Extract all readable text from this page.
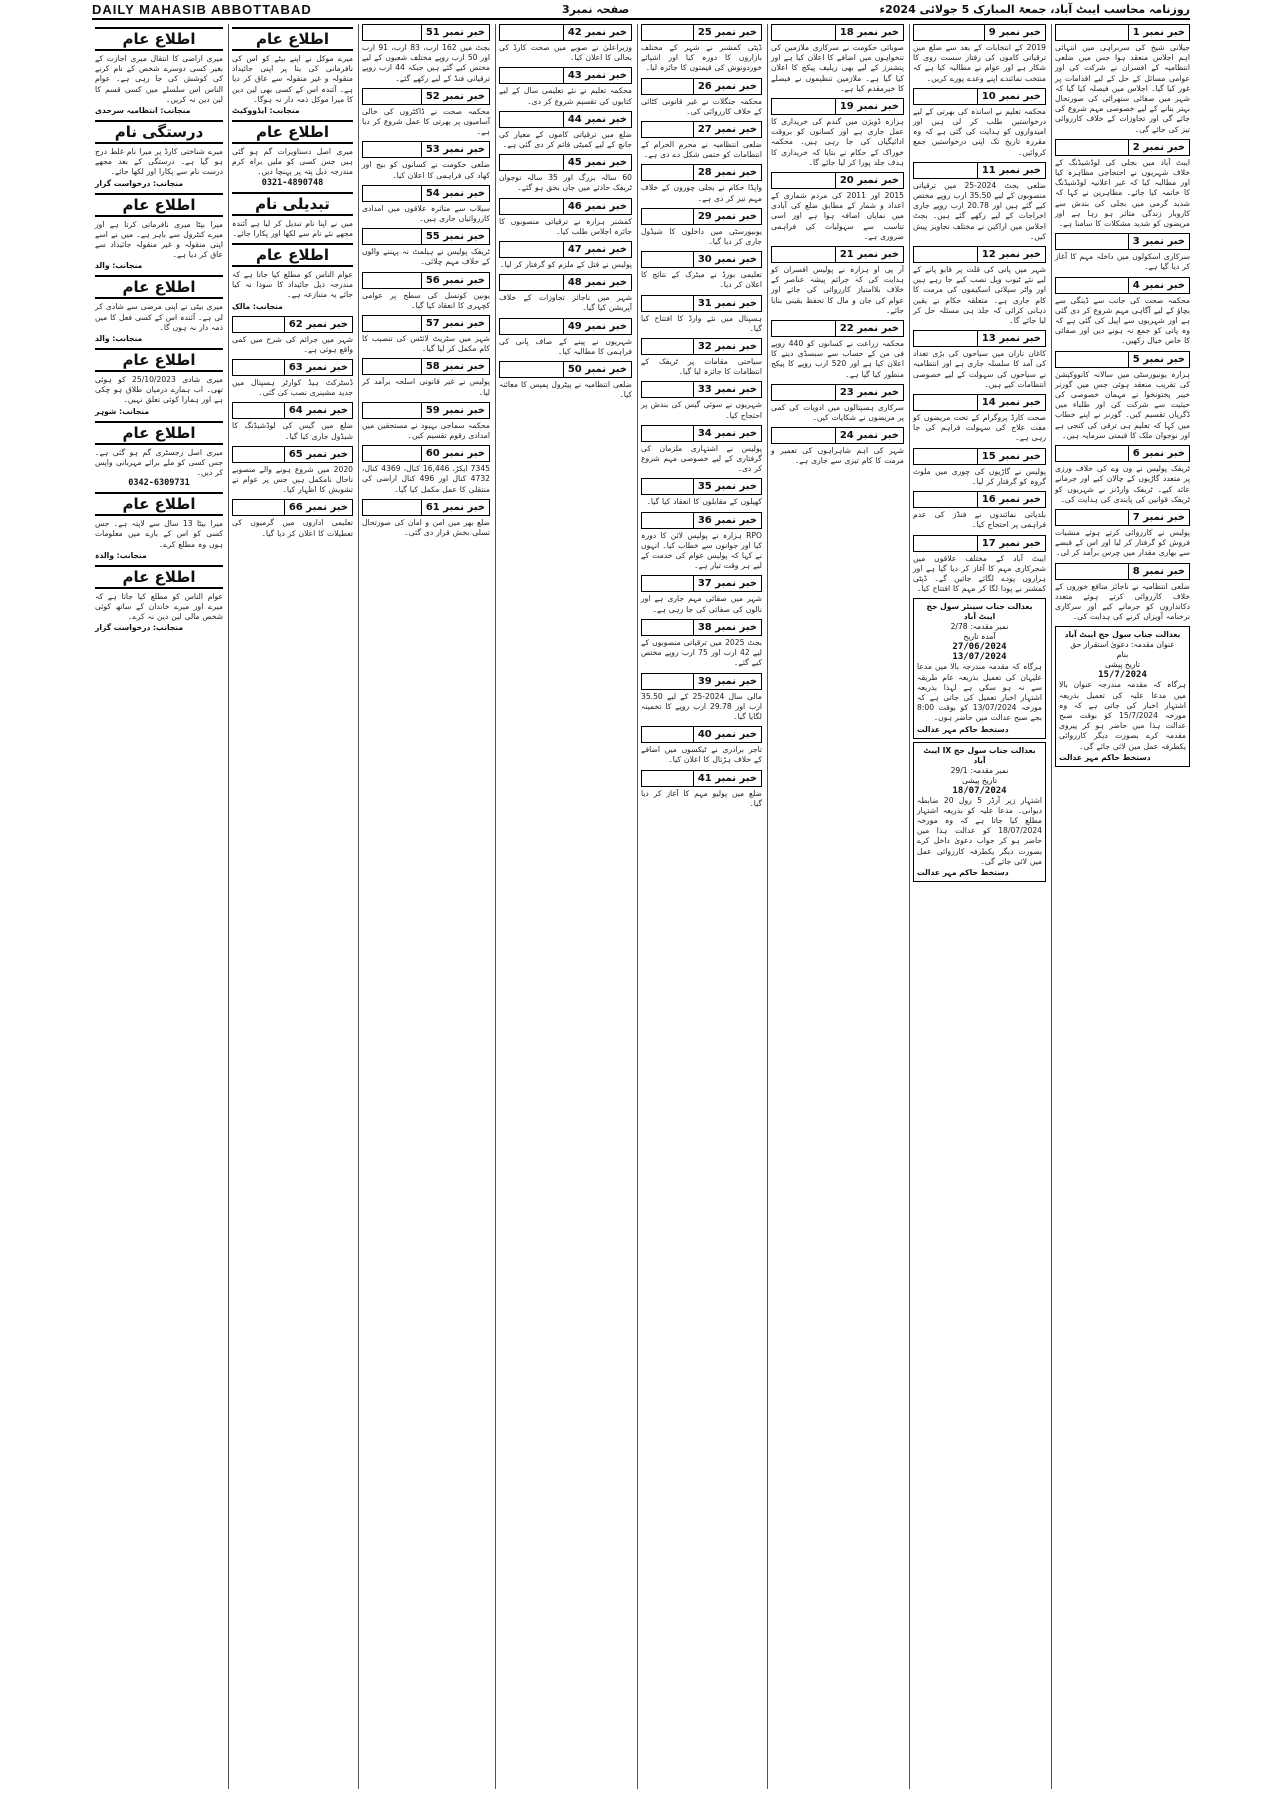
DAILY MAHASIB ABBOTTABAD	صفحہ نمبر3	روزنامہ محاسب ایبٹ آباد، جمعۃ المبارک 5 جولائی 2024ء
خبر نمبر 1
جیلانی شیخ کی سربراہی میں انتہائی اہم اجلاس منعقد ہوا جس میں ضلعی انتظامیہ کے افسران نے شرکت کی اور عوامی مسائل کے حل کے لیے اقدامات پر غور کیا گیا۔ اجلاس میں فیصلہ کیا گیا کہ شہر میں صفائی ستھرائی کی صورتحال بہتر بنانے کے لیے خصوصی مہم شروع کی جائے گی اور تجاوزات کے خلاف کارروائی تیز کی جائے گی۔
خبر نمبر 2
ایبٹ آباد میں بجلی کی لوڈشیڈنگ کے خلاف شہریوں نے احتجاجی مظاہرہ کیا اور مطالبہ کیا کہ غیر اعلانیہ لوڈشیڈنگ کا خاتمہ کیا جائے۔ مظاہرین نے کہا کہ شدید گرمی میں بجلی کی بندش سے کاروبار زندگی متاثر ہو رہا ہے اور مریضوں کو شدید مشکلات کا سامنا ہے۔
خبر نمبر 3
سرکاری اسکولوں میں داخلہ مہم کا آغاز کر دیا گیا ہے۔
خبر نمبر 4
محکمہ صحت کی جانب سے ڈینگی سے بچاؤ کے لیے آگاہی مہم شروع کر دی گئی ہے اور شہریوں سے اپیل کی گئی ہے کہ وہ پانی کو جمع نہ ہونے دیں اور صفائی کا خاص خیال رکھیں۔
خبر نمبر 5
ہزارہ یونیورسٹی میں سالانہ کانووکیشن کی تقریب منعقد ہوئی جس میں گورنر خیبر پختونخوا نے مہمان خصوصی کی حیثیت سے شرکت کی اور طلباء میں ڈگریاں تقسیم کیں۔ گورنر نے اپنے خطاب میں کہا کہ تعلیم ہی ترقی کی کنجی ہے اور نوجوان ملک کا قیمتی سرمایہ ہیں۔
خبر نمبر 6
ٹریفک پولیس نے ون وے کی خلاف ورزی پر متعدد گاڑیوں کے چالان کیے اور جرمانے عائد کیے۔ ٹریفک وارڈنز نے شہریوں کو ٹریفک قوانین کی پابندی کی ہدایت کی۔
خبر نمبر 7
پولیس نے کارروائی کرتے ہوئے منشیات فروش کو گرفتار کر لیا اور اس کے قبضے سے بھاری مقدار میں چرس برآمد کر لی۔
خبر نمبر 8
ضلعی انتظامیہ نے ناجائز منافع خوروں کے خلاف کارروائی کرتے ہوئے متعدد دکانداروں کو جرمانے کیے اور سرکاری نرخنامہ آویزاں کرنے کی ہدایت کی۔
بعدالت جناب سول جج ایبٹ آباد
عنوان مقدمہ: دعویٰ استقرار حق
بنام
تاریخ پیشی
15/7/2024
ہرگاہ کہ مقدمہ مندرجہ عنوان بالا میں مدعا علیہ کی تعمیل بذریعہ اشتہار اخبار کی جاتی ہے کہ وہ مورخہ 15/7/2024 کو بوقت صبح عدالت ہذا میں حاضر ہو کر پیروی مقدمہ کرے بصورت دیگر کارروائی یکطرفہ عمل میں لائی جائے گی۔
دستخط حاکم مہر عدالت
خبر نمبر 9
2019 کے انتخابات کے بعد سے ضلع میں ترقیاتی کاموں کی رفتار سست روی کا شکار ہے اور عوام نے مطالبہ کیا ہے کہ منتخب نمائندے اپنے وعدے پورے کریں۔
خبر نمبر 10
محکمہ تعلیم نے اساتذہ کی بھرتی کے لیے درخواستیں طلب کر لی ہیں اور امیدواروں کو ہدایت کی گئی ہے کہ وہ مقررہ تاریخ تک اپنی درخواستیں جمع کروائیں۔
خبر نمبر 11
ضلعی بجٹ 2024-25 میں ترقیاتی منصوبوں کے لیے 35.50 ارب روپے مختص کیے گئے ہیں اور 20.78 ارب روپے جاری اخراجات کے لیے رکھے گئے ہیں۔ بجٹ اجلاس میں اراکین نے مختلف تجاویز پیش کیں۔
خبر نمبر 12
شہر میں پانی کی قلت پر قابو پانے کے لیے نئے ٹیوب ویل نصب کیے جا رہے ہیں اور واٹر سپلائی اسکیموں کی مرمت کا کام جاری ہے۔ متعلقہ حکام نے یقین دہانی کرائی کہ جلد ہی مسئلہ حل کر لیا جائے گا۔
خبر نمبر 13
کاغان ناران میں سیاحوں کی بڑی تعداد کی آمد کا سلسلہ جاری ہے اور انتظامیہ نے سیاحوں کی سہولت کے لیے خصوصی انتظامات کیے ہیں۔
خبر نمبر 14
صحت کارڈ پروگرام کے تحت مریضوں کو مفت علاج کی سہولت فراہم کی جا رہی ہے۔
خبر نمبر 15
پولیس نے گاڑیوں کی چوری میں ملوث گروہ کو گرفتار کر لیا۔
خبر نمبر 16
بلدیاتی نمائندوں نے فنڈز کی عدم فراہمی پر احتجاج کیا۔
خبر نمبر 17
ایبٹ آباد کے مختلف علاقوں میں شجرکاری مہم کا آغاز کر دیا گیا ہے اور ہزاروں پودے لگائے جائیں گے۔ ڈپٹی کمشنر نے پودا لگا کر مہم کا افتتاح کیا۔
بعدالت جناب سینئر سول جج ایبٹ آباد
نمبر مقدمہ: 2/78
آمدہ تاریخ
27/06/2024
13/07/2024
ہرگاہ کہ مقدمہ مندرجہ بالا میں مدعا علیہان کی تعمیل بذریعہ عام طریقہ سے نہ ہو سکی ہے لہذا بذریعہ اشتہار اخبار تعمیل کی جاتی ہے کہ مورخہ 13/07/2024 کو بوقت 8:00 بجے صبح عدالت میں حاضر ہوں۔
دستخط حاکم مہر عدالت
بعدالت جناب سول جج IX ایبٹ آباد
نمبر مقدمہ: 29/1
تاریخ پیشی
18/07/2024
اشتہار زیر آرڈر 5 رول 20 ضابطہ دیوانی۔ مدعا علیہ کو بذریعہ اشتہار مطلع کیا جاتا ہے کہ وہ مورخہ 18/07/2024 کو عدالت ہذا میں حاضر ہو کر جواب دعویٰ داخل کرے بصورت دیگر یکطرفہ کارروائی عمل میں لائی جائے گی۔
دستخط حاکم مہر عدالت
خبر نمبر 18
صوبائی حکومت نے سرکاری ملازمین کی تنخواہوں میں اضافے کا اعلان کیا ہے اور پنشنرز کے لیے بھی ریلیف پیکج کا اعلان کیا گیا ہے۔ ملازمین تنظیموں نے فیصلے کا خیرمقدم کیا ہے۔
خبر نمبر 19
ہزارہ ڈویژن میں گندم کی خریداری کا عمل جاری ہے اور کسانوں کو بروقت ادائیگیاں کی جا رہی ہیں۔ محکمہ خوراک کے حکام نے بتایا کہ خریداری کا ہدف جلد پورا کر لیا جائے گا۔
خبر نمبر 20
2015 اور 2011 کی مردم شماری کے اعداد و شمار کے مطابق ضلع کی آبادی میں نمایاں اضافہ ہوا ہے اور اسی تناسب سے سہولیات کی فراہمی ضروری ہے۔
خبر نمبر 21
آر پی او ہزارہ نے پولیس افسران کو ہدایت کی کہ جرائم پیشہ عناصر کے خلاف بلاامتیاز کارروائی کی جائے اور عوام کی جان و مال کا تحفظ یقینی بنایا جائے۔
خبر نمبر 22
محکمہ زراعت نے کسانوں کو 440 روپے فی من کے حساب سے سبسڈی دینے کا اعلان کیا ہے اور 520 ارب روپے کا پیکج منظور کیا گیا ہے۔
خبر نمبر 23
سرکاری ہسپتالوں میں ادویات کی کمی پر مریضوں نے شکایات کیں۔
خبر نمبر 24
شہر کی اہم شاہراہوں کی تعمیر و مرمت کا کام تیزی سے جاری ہے۔
خبر نمبر 25
ڈپٹی کمشنر نے شہر کے مختلف بازاروں کا دورہ کیا اور اشیائے خوردونوش کی قیمتوں کا جائزہ لیا۔
خبر نمبر 26
محکمہ جنگلات نے غیر قانونی کٹائی کے خلاف کارروائی کی۔
خبر نمبر 27
ضلعی انتظامیہ نے محرم الحرام کے انتظامات کو حتمی شکل دے دی ہے۔
خبر نمبر 28
واپڈا حکام نے بجلی چوروں کے خلاف مہم تیز کر دی ہے۔
خبر نمبر 29
یونیورسٹی میں داخلوں کا شیڈول جاری کر دیا گیا۔
خبر نمبر 30
تعلیمی بورڈ نے میٹرک کے نتائج کا اعلان کر دیا۔
خبر نمبر 31
ہسپتال میں نئے وارڈ کا افتتاح کیا گیا۔
خبر نمبر 32
سیاحتی مقامات پر ٹریفک کے انتظامات کا جائزہ لیا گیا۔
خبر نمبر 33
شہریوں نے سوئی گیس کی بندش پر احتجاج کیا۔
خبر نمبر 34
پولیس نے اشتہاری ملزمان کی گرفتاری کے لیے خصوصی مہم شروع کر دی۔
خبر نمبر 35
کھیلوں کے مقابلوں کا انعقاد کیا گیا۔
خبر نمبر 36
RPO ہزارہ نے پولیس لائن کا دورہ کیا اور جوانوں سے خطاب کیا۔ انہوں نے کہا کہ پولیس عوام کی خدمت کے لیے ہر وقت تیار ہے۔
خبر نمبر 37
شہر میں صفائی مہم جاری ہے اور نالوں کی صفائی کی جا رہی ہے۔
خبر نمبر 38
بجٹ 2025 میں ترقیاتی منصوبوں کے لیے 42 ارب اور 75 ارب روپے مختص کیے گئے۔
خبر نمبر 39
مالی سال 2024-25 کے لیے 35.50 ارب اور 29.78 ارب روپے کا تخمینہ لگایا گیا۔
خبر نمبر 40
تاجر برادری نے ٹیکسوں میں اضافے کے خلاف ہڑتال کا اعلان کیا۔
خبر نمبر 41
ضلع میں پولیو مہم کا آغاز کر دیا گیا۔
خبر نمبر 42
وزیراعلیٰ نے صوبے میں صحت کارڈ کی بحالی کا اعلان کیا۔
خبر نمبر 43
محکمہ تعلیم نے نئے تعلیمی سال کے لیے کتابوں کی تقسیم شروع کر دی۔
خبر نمبر 44
ضلع میں ترقیاتی کاموں کے معیار کی جانچ کے لیے کمیٹی قائم کر دی گئی ہے۔
خبر نمبر 45
60 سالہ بزرگ اور 35 سالہ نوجوان ٹریفک حادثے میں جاں بحق ہو گئے۔
خبر نمبر 46
کمشنر ہزارہ نے ترقیاتی منصوبوں کا جائزہ اجلاس طلب کیا۔
خبر نمبر 47
پولیس نے قتل کے ملزم کو گرفتار کر لیا۔
خبر نمبر 48
شہر میں ناجائز تجاوزات کے خلاف آپریشن کیا گیا۔
خبر نمبر 49
شہریوں نے پینے کے صاف پانی کی فراہمی کا مطالبہ کیا۔
خبر نمبر 50
ضلعی انتظامیہ نے پیٹرول پمپس کا معائنہ کیا۔
خبر نمبر 51
بجٹ میں 162 ارب، 83 ارب، 91 ارب اور 50 ارب روپے مختلف شعبوں کے لیے مختص کیے گئے ہیں جبکہ 44 ارب روپے ترقیاتی فنڈ کے لیے رکھے گئے۔
خبر نمبر 52
محکمہ صحت نے ڈاکٹروں کی خالی آسامیوں پر بھرتی کا عمل شروع کر دیا ہے۔
خبر نمبر 53
ضلعی حکومت نے کسانوں کو بیج اور کھاد کی فراہمی کا اعلان کیا۔
خبر نمبر 54
سیلاب سے متاثرہ علاقوں میں امدادی کارروائیاں جاری ہیں۔
خبر نمبر 55
ٹریفک پولیس نے ہیلمٹ نہ پہننے والوں کے خلاف مہم چلائی۔
خبر نمبر 56
یونین کونسل کی سطح پر عوامی کچہری کا انعقاد کیا گیا۔
خبر نمبر 57
شہر میں سٹریٹ لائٹس کی تنصیب کا کام مکمل کر لیا گیا۔
خبر نمبر 58
پولیس نے غیر قانونی اسلحہ برآمد کر لیا۔
خبر نمبر 59
محکمہ سماجی بہبود نے مستحقین میں امدادی رقوم تقسیم کیں۔
خبر نمبر 60
7345 ایکڑ، 16,446 کنال، 4369 کنال، 4732 کنال اور 496 کنال اراضی کی منتقلی کا عمل مکمل کیا گیا۔
خبر نمبر 61
ضلع بھر میں امن و امان کی صورتحال تسلی بخش قرار دی گئی۔
اطلاع عام
میرے موکل نے اپنے بیٹے کو اس کی نافرمانی کی بنا پر اپنی جائیداد منقولہ و غیر منقولہ سے عاق کر دیا ہے۔ آئندہ اس کے کسی بھی لین دین کا میرا موکل ذمہ دار نہ ہوگا۔
منجانب: ایڈووکیٹ
اطلاع عام
میری اصل دستاویزات گم ہو گئی ہیں جس کسی کو ملیں براہ کرم مندرجہ ذیل پتہ پر پہنچا دیں۔
0321-4890748
تبدیلی نام
میں نے اپنا نام تبدیل کر لیا ہے آئندہ مجھے نئے نام سے لکھا اور پکارا جائے۔
اطلاع عام
عوام الناس کو مطلع کیا جاتا ہے کہ مندرجہ ذیل جائیداد کا سودا نہ کیا جائے یہ متنازعہ ہے۔
منجانب: مالک
خبر نمبر 62
شہر میں جرائم کی شرح میں کمی واقع ہوئی ہے۔
خبر نمبر 63
ڈسٹرکٹ ہیڈ کوارٹر ہسپتال میں جدید مشینری نصب کی گئی۔
خبر نمبر 64
ضلع میں گیس کی لوڈشیڈنگ کا شیڈول جاری کیا گیا۔
خبر نمبر 65
2020 میں شروع ہونے والے منصوبے تاحال نامکمل ہیں جس پر عوام نے تشویش کا اظہار کیا۔
خبر نمبر 66
تعلیمی اداروں میں گرمیوں کی تعطیلات کا اعلان کر دیا گیا۔
اطلاع عام
میری اراضی کا انتقال میری اجازت کے بغیر کسی دوسرے شخص کے نام کرنے کی کوشش کی جا رہی ہے۔ عوام الناس اس سلسلے میں کسی قسم کا لین دین نہ کریں۔
منجانب: انتظامیہ سرحدی
درستگی نام
میرے شناختی کارڈ پر میرا نام غلط درج ہو گیا ہے۔ درستگی کے بعد مجھے درست نام سے پکارا اور لکھا جائے۔
منجانب: درخواست گزار
اطلاع عام
میرا بیٹا میری نافرمانی کرتا ہے اور میرے کنٹرول سے باہر ہے۔ میں نے اسے اپنی منقولہ و غیر منقولہ جائیداد سے عاق کر دیا ہے۔
منجانب: والد
اطلاع عام
میری بیٹی نے اپنی مرضی سے شادی کر لی ہے۔ آئندہ اس کے کسی فعل کا میں ذمہ دار نہ ہوں گا۔
منجانب: والد
اطلاع عام
میری شادی 25/10/2023 کو ہوئی تھی۔ اب ہمارے درمیان طلاق ہو چکی ہے اور ہمارا کوئی تعلق نہیں۔
منجانب: شوہر
اطلاع عام
میری اصل رجسٹری گم ہو گئی ہے۔ جس کسی کو ملے برائے مہربانی واپس کر دیں۔
0342-6309731
اطلاع عام
میرا بیٹا 13 سال سے لاپتہ ہے۔ جس کسی کو اس کے بارے میں معلومات ہوں وہ مطلع کرے۔
منجانب: والدہ
اطلاع عام
عوام الناس کو مطلع کیا جاتا ہے کہ میرے اور میرے خاندان کے ساتھ کوئی شخص مالی لین دین نہ کرے۔
منجانب: درخواست گزار
